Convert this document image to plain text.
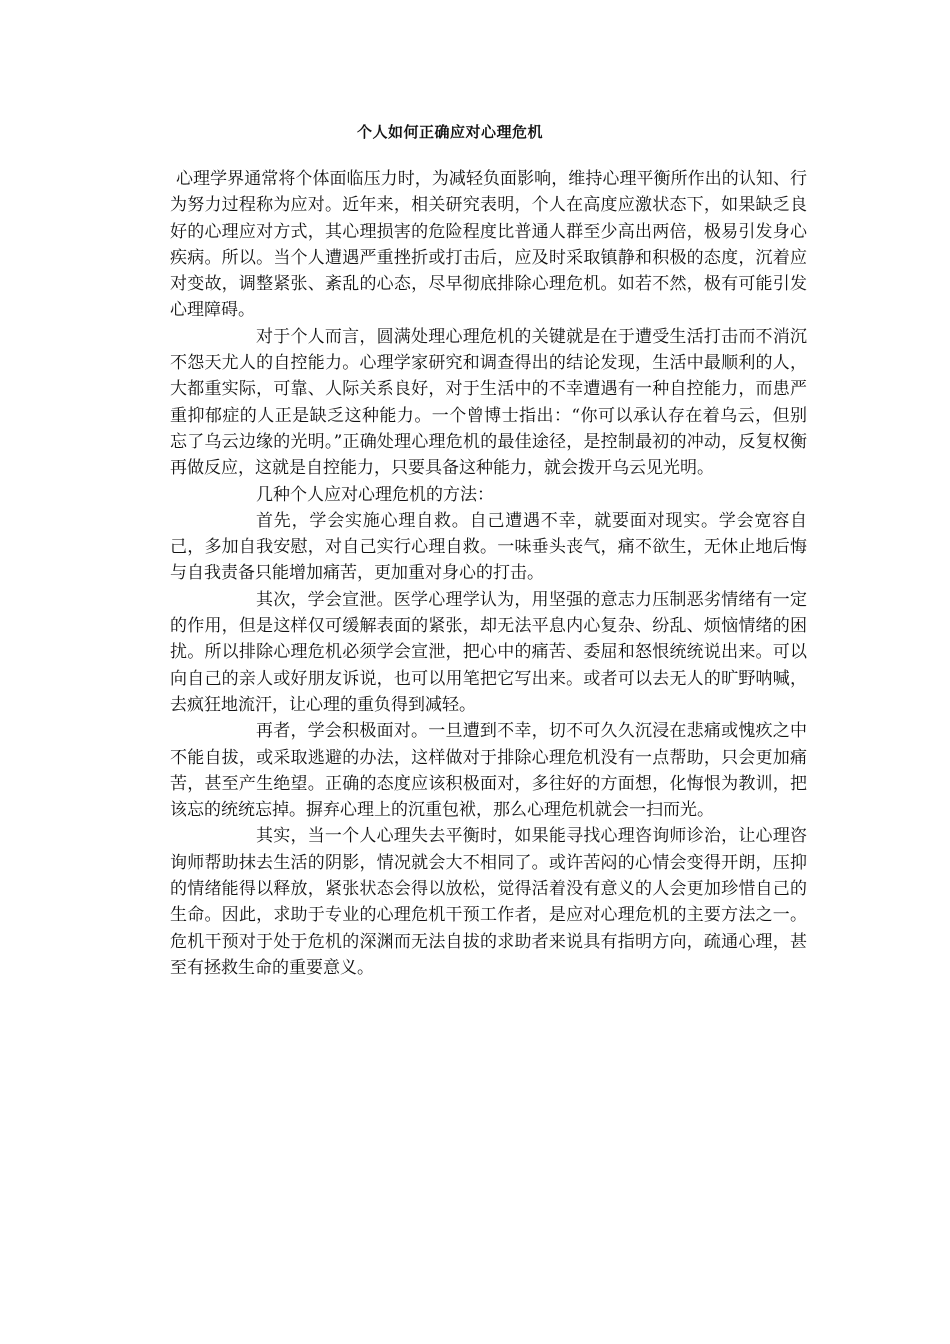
个人如何正确应对心理危机

心理学界通常将个体面临压力时，为减轻负面影响，维持心理平衡所作出的认知、行为努力过程称为应对。近年来，相关研究表明，个人在高度应激状态下，如果缺乏良好的心理应对方式，其心理损害的危险程度比普通人群至少高出两倍，极易引发身心疾病。所以。当个人遭遇严重挫折或打击后，应及时采取镇静和积极的态度，沉着应对变故，调整紧张、紊乱的心态，尽早彻底排除心理危机。如若不然，极有可能引发心理障碍。

对于个人而言，圆满处理心理危机的关键就是在于遭受生活打击而不消沉不怨天尤人的自控能力。心理学家研究和调查得出的结论发现，生活中最顺利的人，大都重实际，可靠、人际关系良好，对于生活中的不幸遭遇有一种自控能力，而患严重抑郁症的人正是缺乏这种能力。一个曾博士指出：“你可以承认存在着乌云，但别忘了乌云边缘的光明。”正确处理心理危机的最佳途径，是控制最初的冲动，反复权衡再做反应，这就是自控能力，只要具备这种能力，就会拨开乌云见光明。

几种个人应对心理危机的方法：

首先，学会实施心理自救。自己遭遇不幸，就要面对现实。学会宽容自己，多加自我安慰，对自己实行心理自救。一味垂头丧气，痛不欲生，无休止地后悔与自我责备只能增加痛苦，更加重对身心的打击。

其次，学会宣泄。医学心理学认为，用坚强的意志力压制恶劣情绪有一定的作用，但是这样仅可缓解表面的紧张，却无法平息内心复杂、纷乱、烦恼情绪的困扰。所以排除心理危机必须学会宣泄，把心中的痛苦、委屈和怒恨统统说出来。可以向自己的亲人或好朋友诉说，也可以用笔把它写出来。或者可以去无人的旷野呐喊，去疯狂地流汗，让心理的重负得到减轻。

再者，学会积极面对。一旦遭到不幸，切不可久久沉浸在悲痛或愧疚之中不能自拔，或采取逃避的办法，这样做对于排除心理危机没有一点帮助，只会更加痛苦，甚至产生绝望。正确的态度应该积极面对，多往好的方面想，化悔恨为教训，把该忘的统统忘掉。摒弃心理上的沉重包袱，那么心理危机就会一扫而光。

其实，当一个人心理失去平衡时，如果能寻找心理咨询师诊治，让心理咨询师帮助抹去生活的阴影，情况就会大不相同了。或许苦闷的心情会变得开朗，压抑的情绪能得以释放，紧张状态会得以放松，觉得活着没有意义的人会更加珍惜自己的生命。因此，求助于专业的心理危机干预工作者，是应对心理危机的主要方法之一。危机干预对于处于危机的深渊而无法自拔的求助者来说具有指明方向，疏通心理，甚至有拯救生命的重要意义。
